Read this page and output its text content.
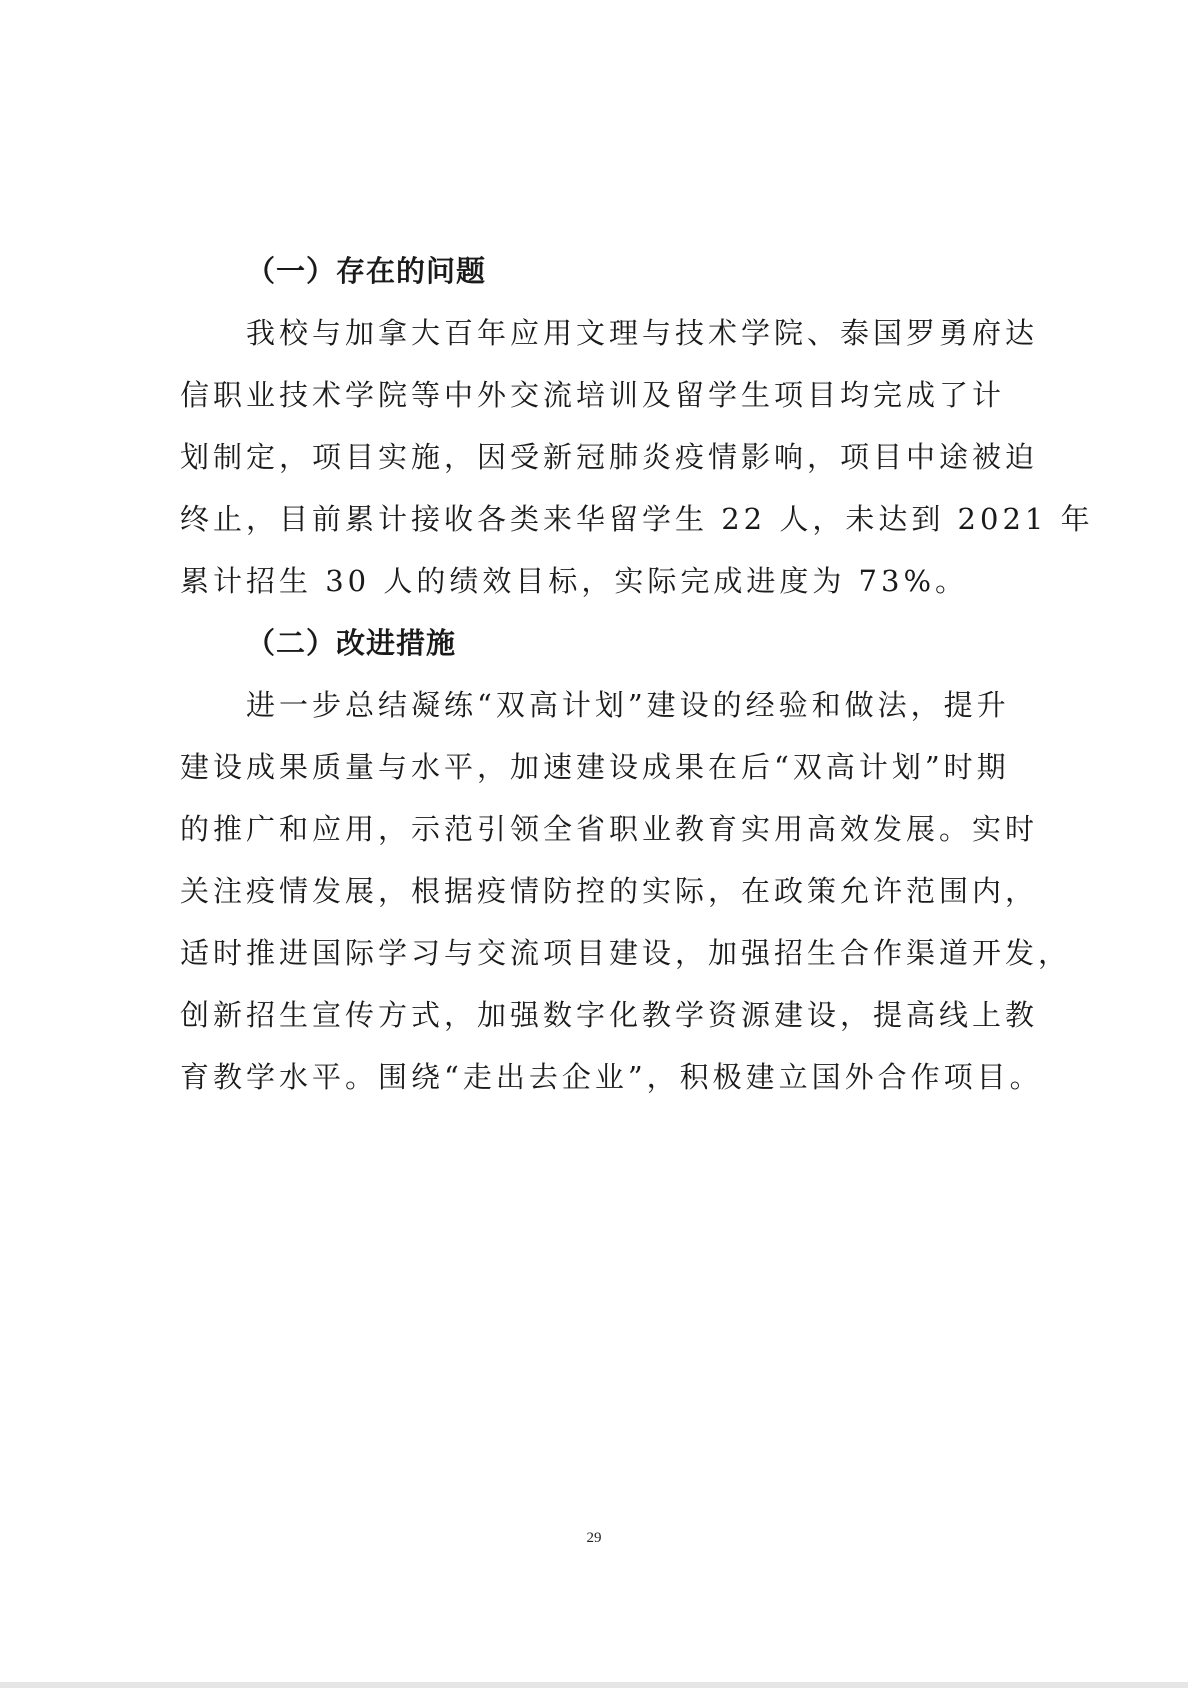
（一）存在的问题

我校与加拿大百年应用文理与技术学院、泰国罗勇府达
信职业技术学院等中外交流培训及留学生项目均完成了计
划制定，项目实施，因受新冠肺炎疫情影响，项目中途被迫
终止，目前累计接收各类来华留学生 22 人，未达到 2021 年
累计招生 30 人的绩效目标，实际完成进度为 73%。

（二）改进措施

进一步总结凝练“双高计划”建设的经验和做法，提升
建设成果质量与水平，加速建设成果在后“双高计划”时期
的推广和应用，示范引领全省职业教育实用高效发展。实时
关注疫情发展，根据疫情防控的实际，在政策允许范围内，
适时推进国际学习与交流项目建设，加强招生合作渠道开发，
创新招生宣传方式，加强数字化教学资源建设，提高线上教
育教学水平。围绕“走出去企业”，积极建立国外合作项目。

29
